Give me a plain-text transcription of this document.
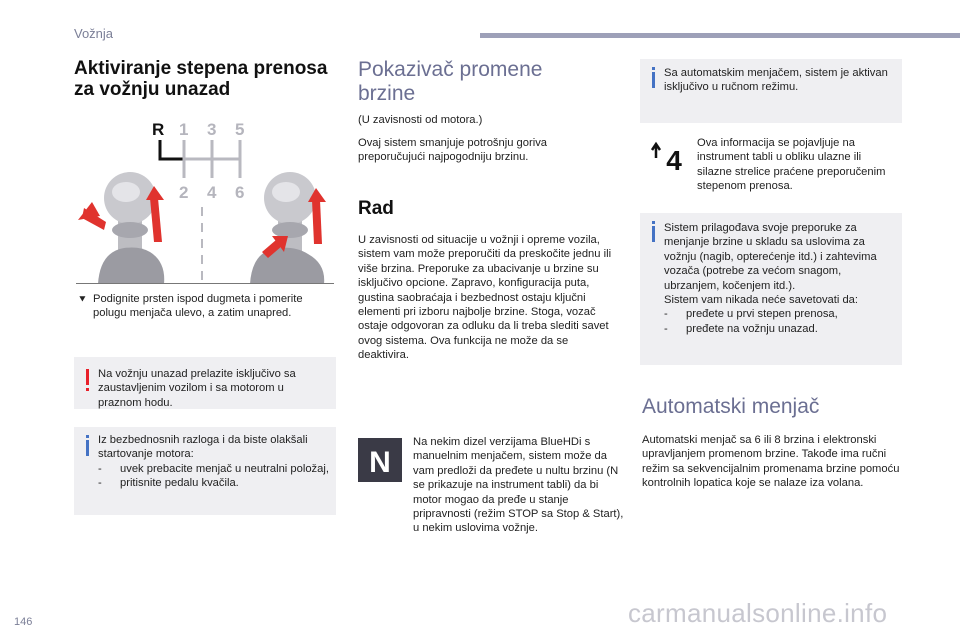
Vožnja
Aktiviranje stepena prenosa za vožnju unazad
R 1 3 5
2 4 6
⯆ Podignite prsten ispod dugmeta i pomerite polugu menjača ulevo, a zatim unapred.
Na vožnju unazad prelazite isključivo sa zaustavljenim vozilom i sa motorom u praznom hodu.
Iz bezbednosnih razloga i da biste olakšali startovanje motora:
- uvek prebacite menjač u neutralni položaj,
- pritisnite pedalu kvačila.
Pokazivač promene brzine
(U zavisnosti od motora.)
Ovaj sistem smanjuje potrošnju goriva preporučujući najpogodniju brzinu.
Rad
U zavisnosti od situacije u vožnji i opreme vozila, sistem vam može preporučiti da preskočite jednu ili više brzina. Preporuke za ubacivanje u brzine su isključivo opcione. Zapravo, konfiguracija puta, gustina saobraćaja i bezbednost ostaju ključni elementi pri izboru najbolje brzine. Stoga, vozač ostaje odgovoran za odluku da li treba slediti savet ovog sistema. Ova funkcija ne može da se deaktivira.
N
Na nekim dizel verzijama BlueHDi s manuelnim menjačem, sistem može da vam predloži da pređete u nultu brzinu (N se prikazuje na instrument tabli) da bi motor mogao da pređe u stanje pripravnosti (režim STOP sa Stop & Start), u nekim uslovima vožnje.
Sa automatskim menjačem, sistem je aktivan isključivo u ručnom režimu.
4
Ova informacija se pojavljuje na instrument tabli u obliku ulazne ili silazne strelice praćene preporučenim stepenom prenosa.
Sistem prilagođava svoje preporuke za menjanje brzine u skladu sa uslovima za vožnju (nagib, opterećenje itd.) i zahtevima vozača (potrebe za većom snagom, ubrzanjem, kočenjem itd.).
Sistem vam nikada neće savetovati da:
- pređete u prvi stepen prenosa,
- pređete na vožnju unazad.
Automatski menjač
Automatski menjač sa 6 ili 8 brzina i elektronski upravljanjem promenom brzine. Takođe ima ručni režim sa sekvencijalnim promenama brzine pomoću kontrolnih lopatica koje se nalaze iza volana.
146	carmanualsonline.info
